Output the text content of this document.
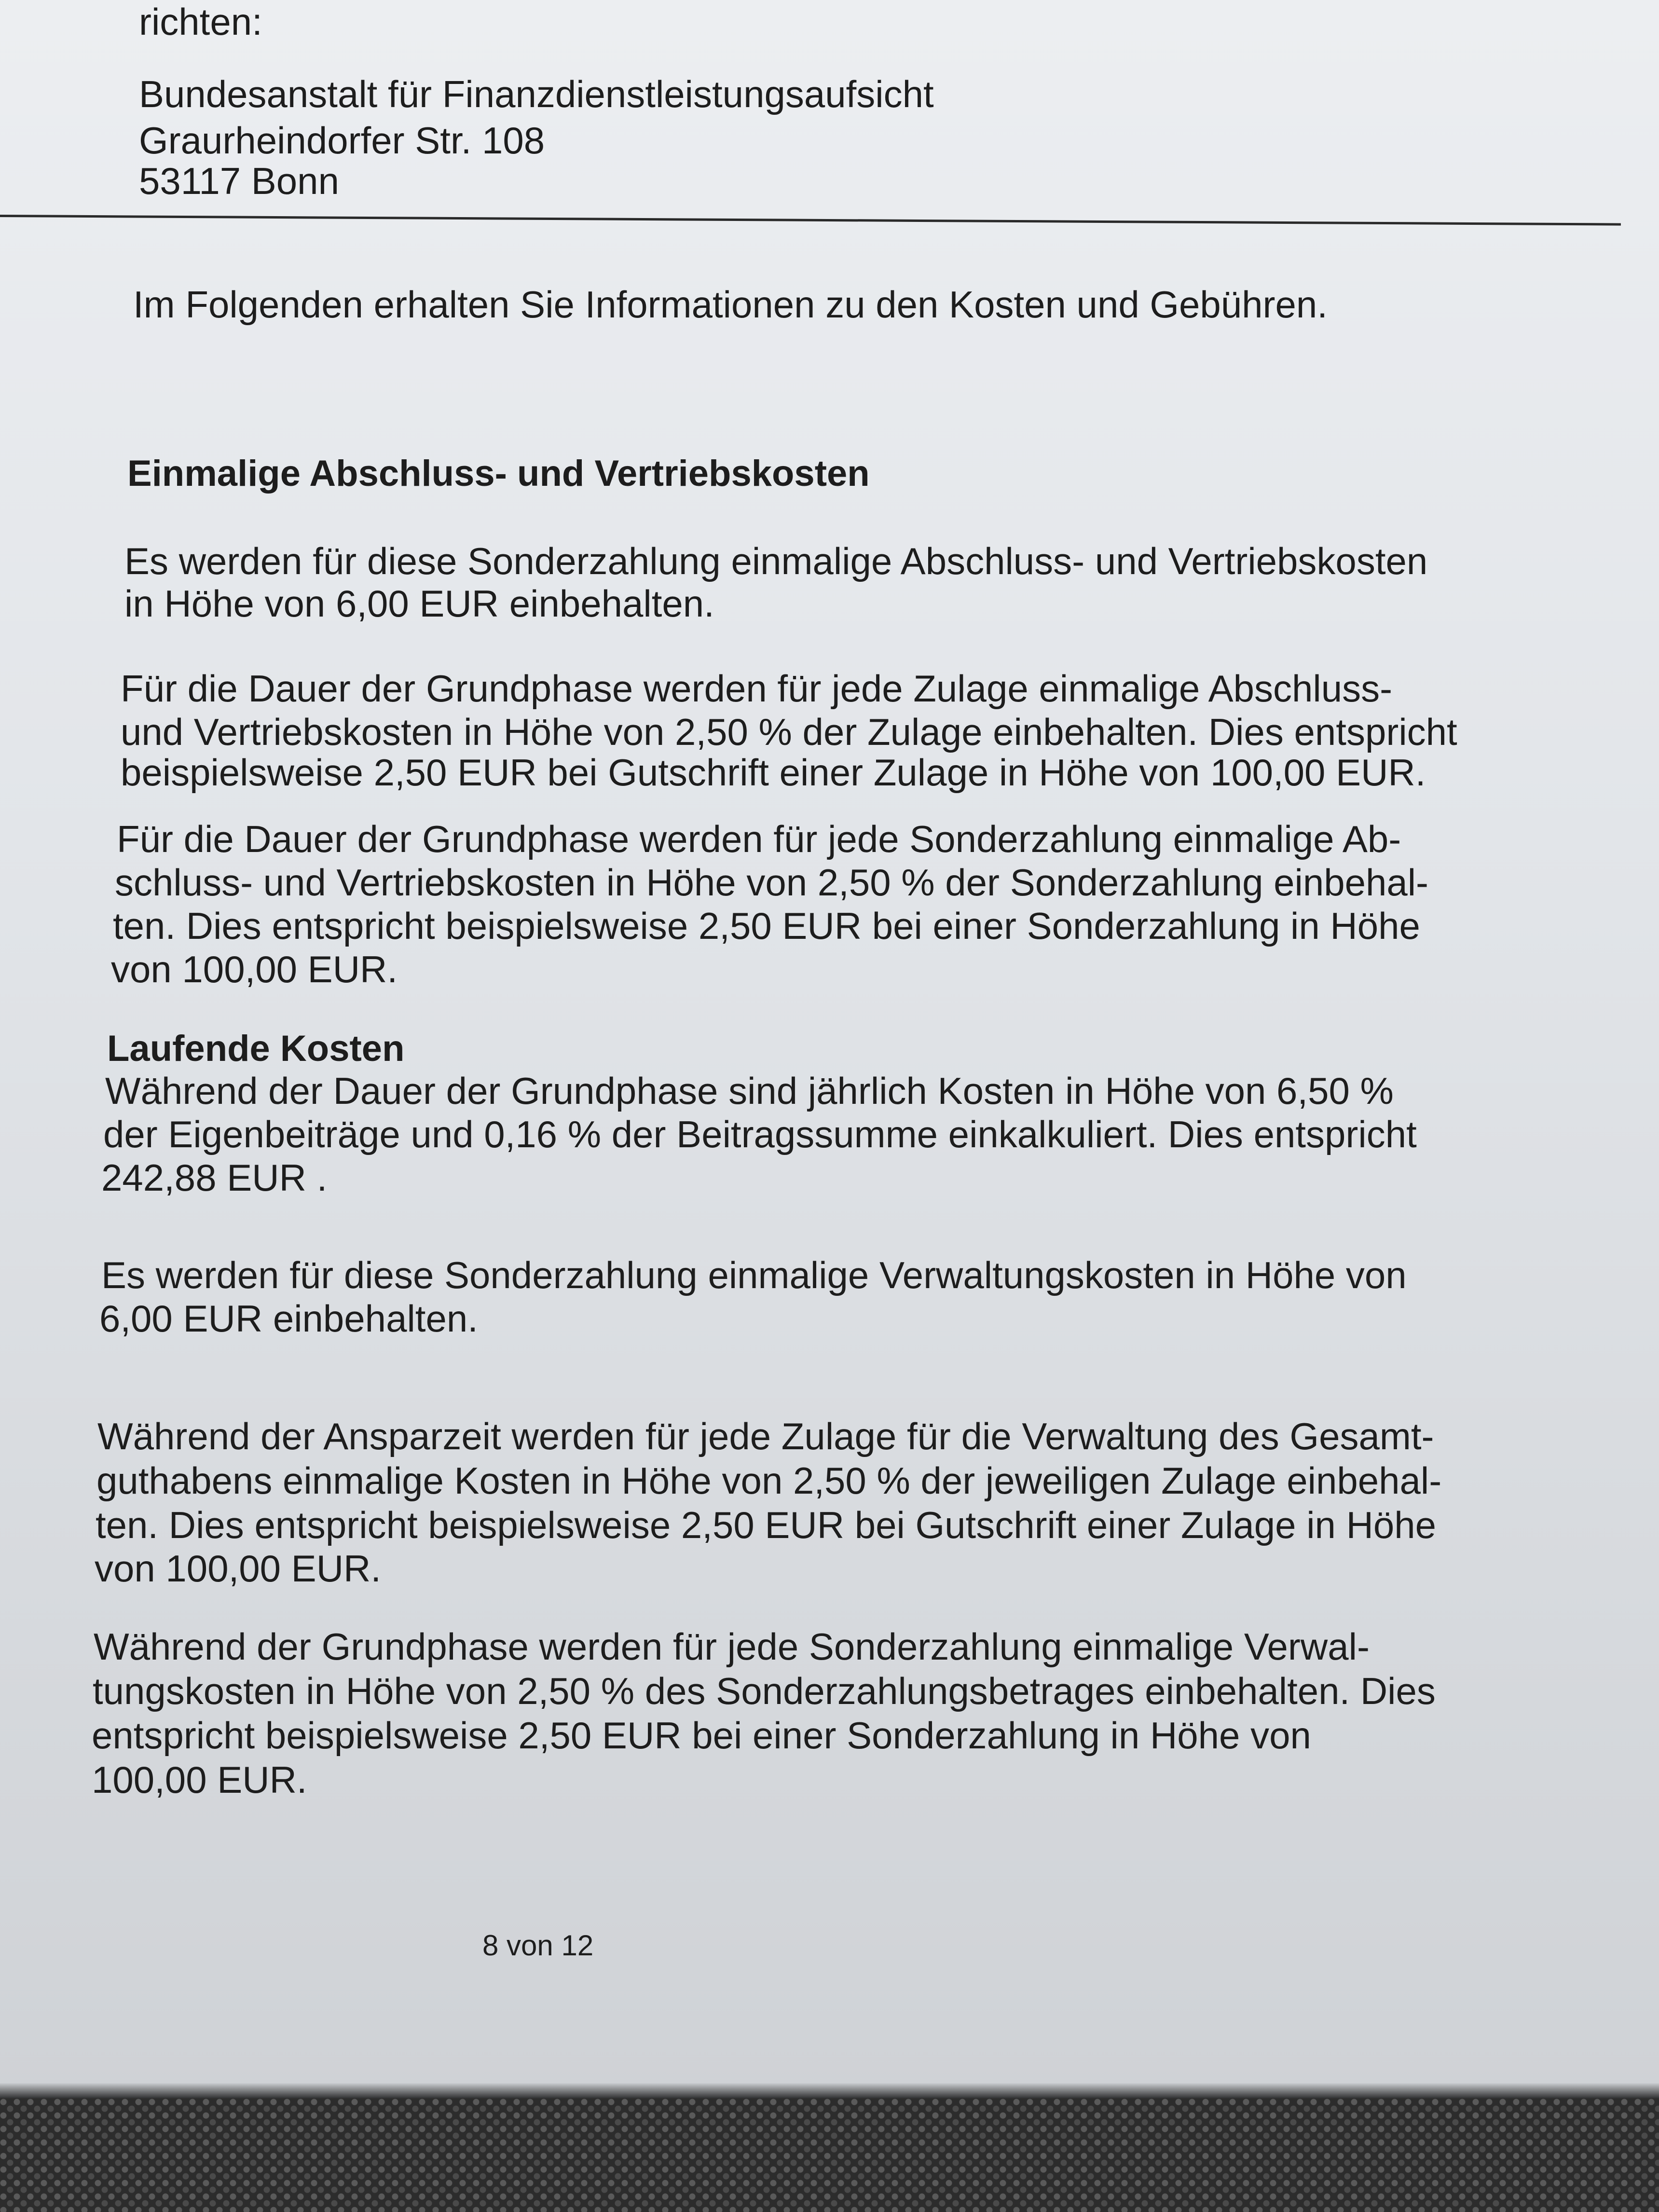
richten:
Bundesanstalt für Finanzdienstleistungsaufsicht
Graurheindorfer Str. 108
53117 Bonn
Im Folgenden erhalten Sie Informationen zu den Kosten und Gebühren.
Einmalige Abschluss- und Vertriebskosten
Es werden für diese Sonderzahlung einmalige Abschluss- und Vertriebskosten
in Höhe von 6,00 EUR einbehalten.
Für die Dauer der Grundphase werden für jede Zulage einmalige Abschluss-
und Vertriebskosten in Höhe von 2,50 % der Zulage einbehalten. Dies entspricht
beispielsweise 2,50 EUR bei Gutschrift einer Zulage in Höhe von 100,00 EUR.
Für die Dauer der Grundphase werden für jede Sonderzahlung einmalige Ab-
schluss- und Vertriebskosten in Höhe von 2,50 % der Sonderzahlung einbehal-
ten. Dies entspricht beispielsweise 2,50 EUR bei einer Sonderzahlung in Höhe
von 100,00 EUR.
Laufende Kosten
Während der Dauer der Grundphase sind jährlich Kosten in Höhe von 6,50 %
der Eigenbeiträge und 0,16 % der Beitragssumme einkalkuliert. Dies entspricht
242,88 EUR .
Es werden für diese Sonderzahlung einmalige Verwaltungskosten in Höhe von
6,00 EUR einbehalten.
Während der Ansparzeit werden für jede Zulage für die Verwaltung des Gesamt-
guthabens einmalige Kosten in Höhe von 2,50 % der jeweiligen Zulage einbehal-
ten. Dies entspricht beispielsweise 2,50 EUR bei Gutschrift einer Zulage in Höhe
von 100,00 EUR.
Während der Grundphase werden für jede Sonderzahlung einmalige Verwal-
tungskosten in Höhe von 2,50 % des Sonderzahlungsbetrages einbehalten. Dies
entspricht beispielsweise 2,50 EUR bei einer Sonderzahlung in Höhe von
100,00 EUR.
8 von 12
